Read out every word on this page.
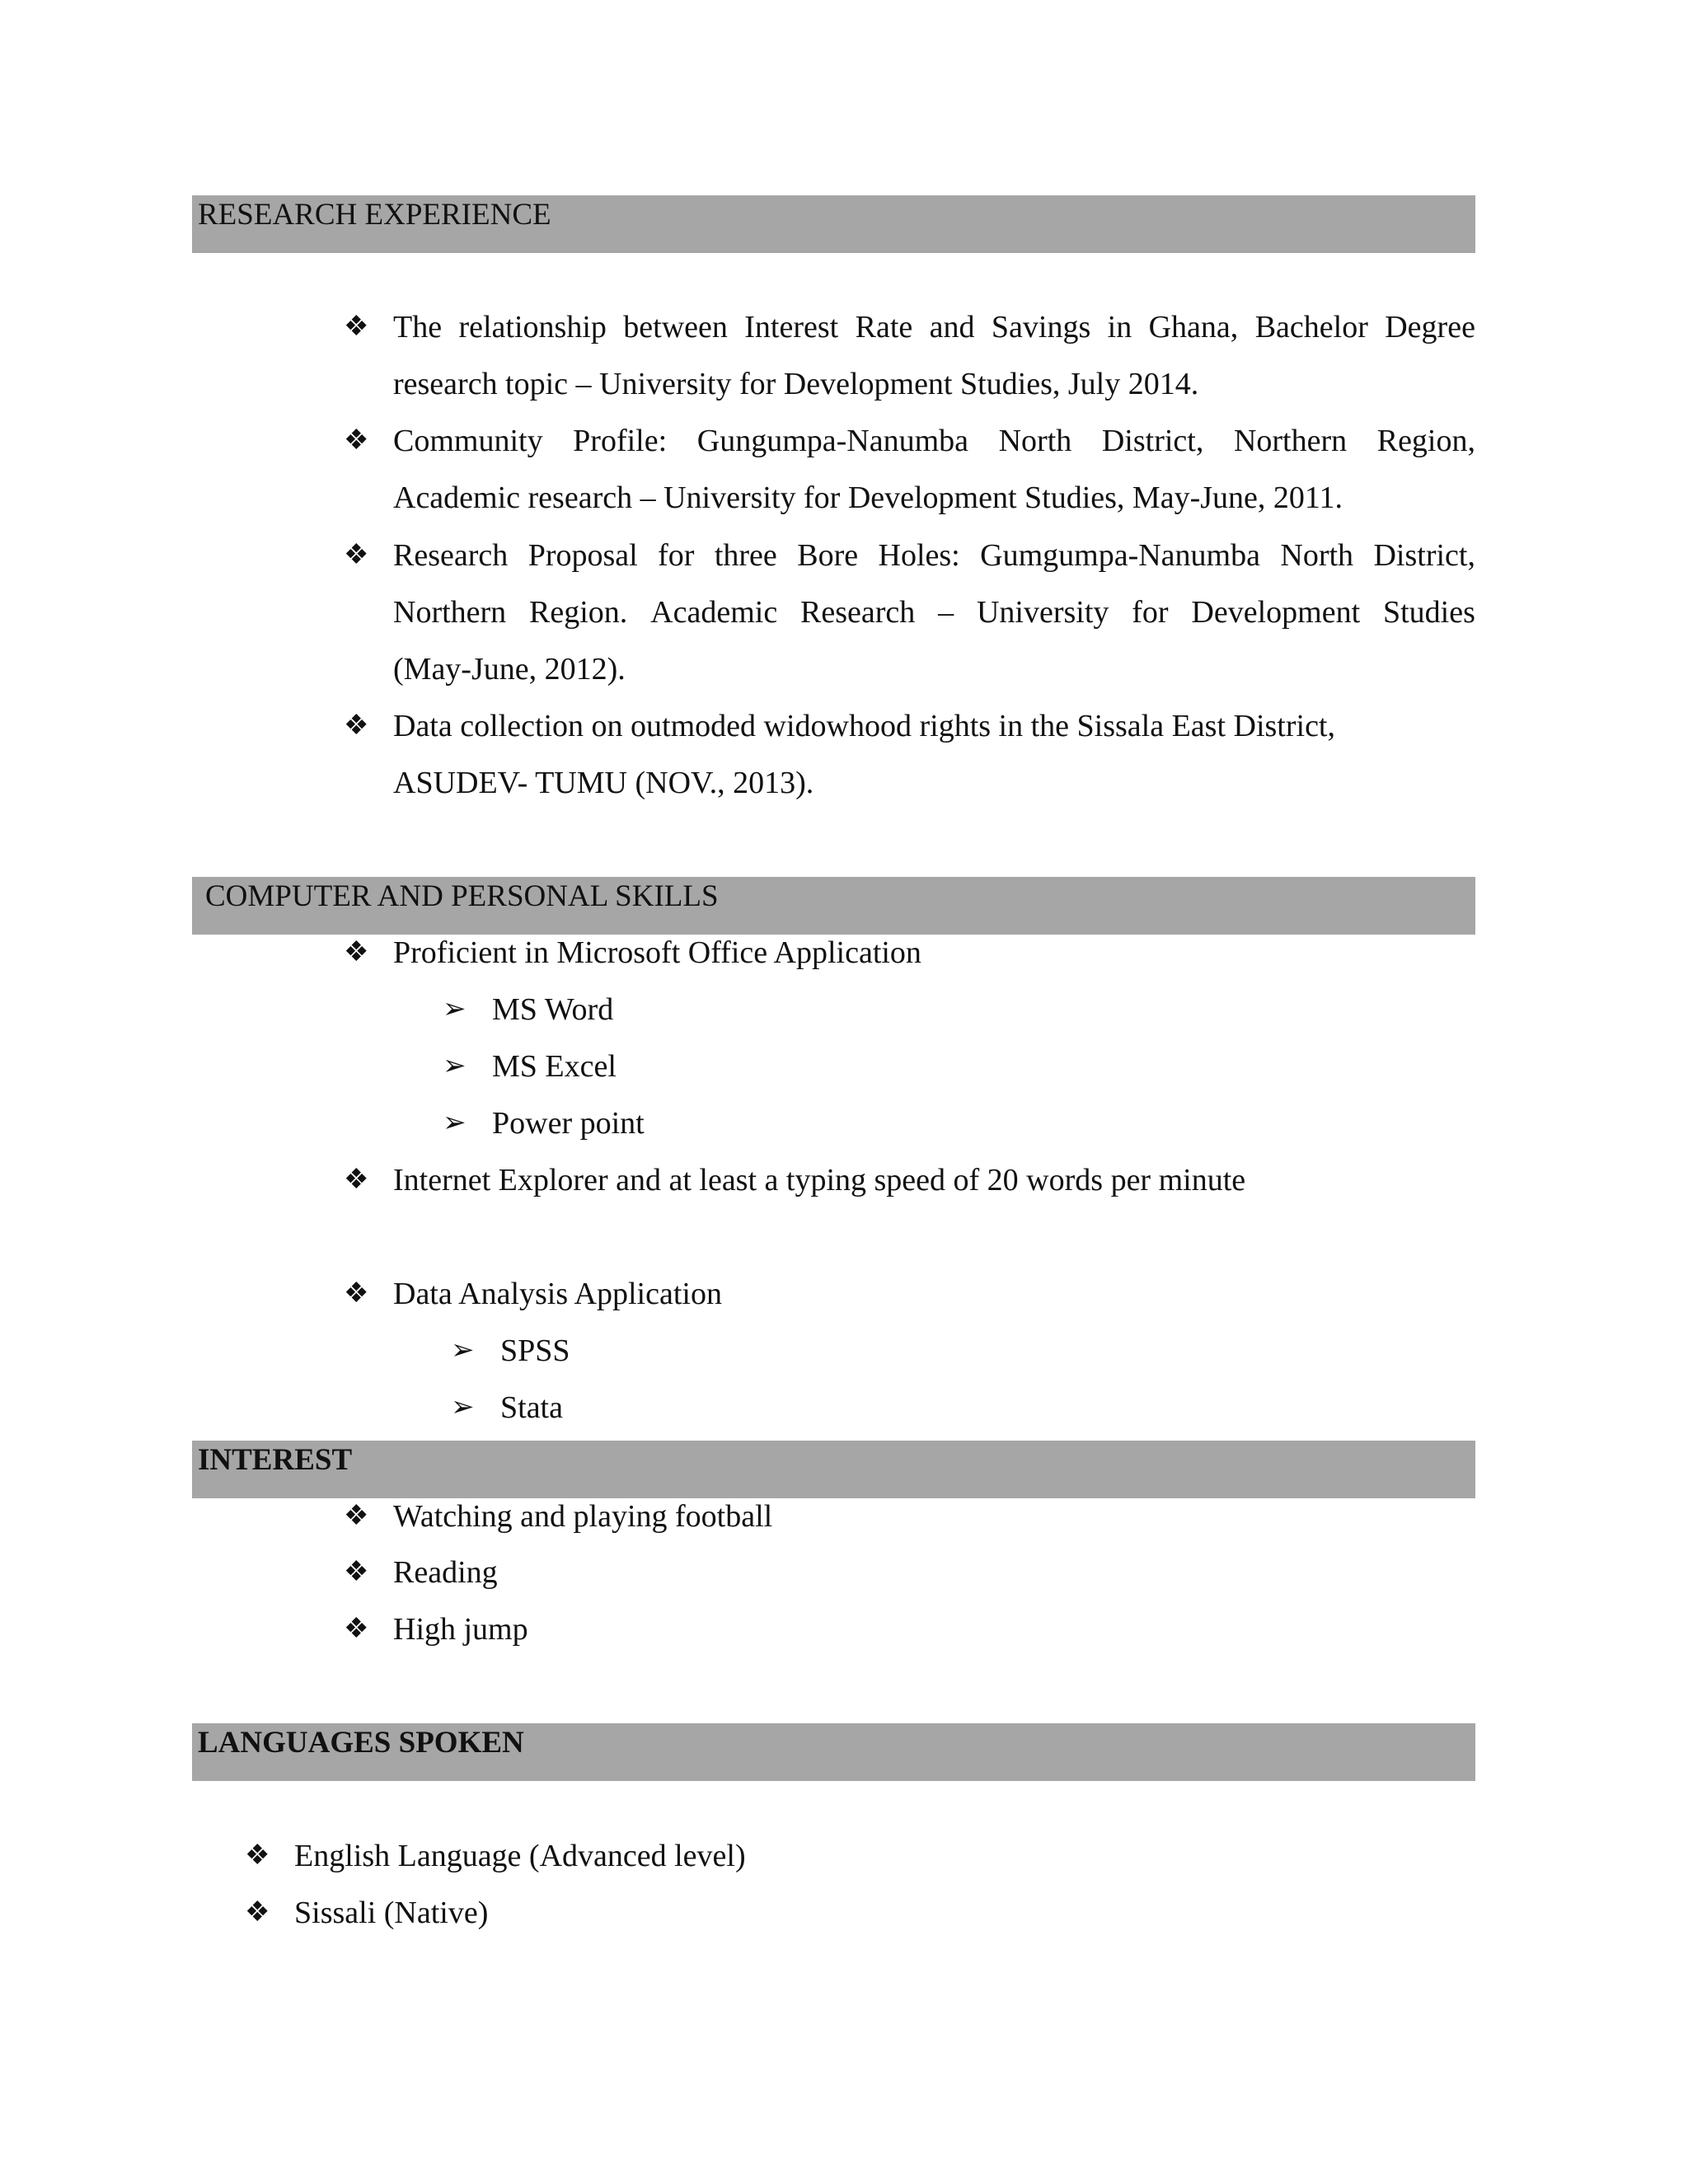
RESEARCH EXPERIENCE
❖ The relationship between Interest Rate and Savings in Ghana, Bachelor Degree
research topic – University for Development Studies, July 2014.
❖ Community Profile: Gungumpa-Nanumba North District, Northern Region,
Academic research – University for Development Studies, May-June, 2011.
❖ Research Proposal for three Bore Holes: Gumgumpa-Nanumba North District,
Northern Region. Academic Research – University for Development Studies
(May-June, 2012).
❖ Data collection on outmoded widowhood rights in the Sissala East District,
ASUDEV- TUMU (NOV., 2013).
COMPUTER AND PERSONAL SKILLS
❖ Proficient in Microsoft Office Application
➢ MS Word
➢ MS Excel
➢ Power point
❖ Internet Explorer and at least a typing speed of 20 words per minute
❖ Data Analysis Application
➢ SPSS
➢ Stata
INTEREST
❖ Watching and playing football
❖ Reading
❖ High jump
LANGUAGES SPOKEN
❖ English Language (Advanced level)
❖ Sissali (Native)
